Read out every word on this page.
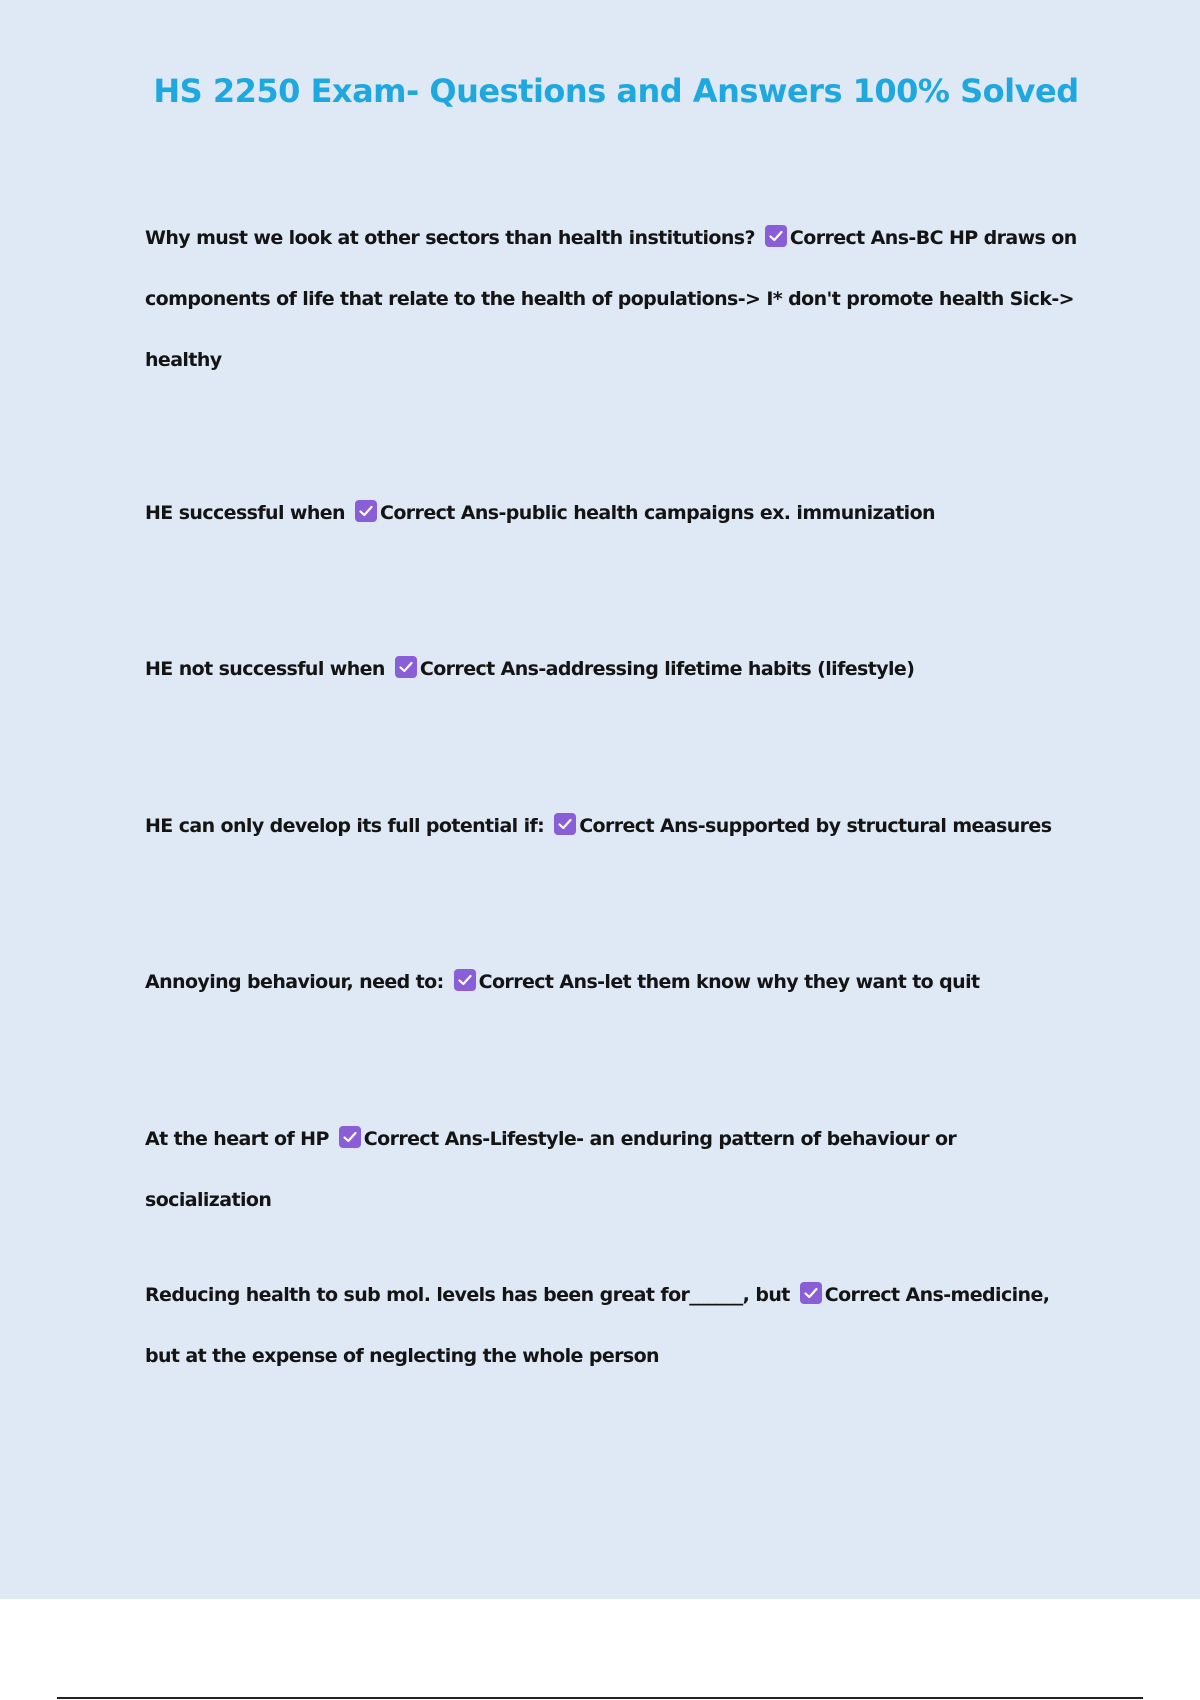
HS 2250 Exam- Questions and Answers 100% Solved

Why must we look at other sectors than health institutions? Correct Ans-BC HP draws on components of life that relate to the health of populations-> I* don't promote health Sick-> healthy

HE successful when Correct Ans-public health campaigns ex. immunization

HE not successful when Correct Ans-addressing lifetime habits (lifestyle)

HE can only develop its full potential if: Correct Ans-supported by structural measures

Annoying behaviour, need to: Correct Ans-let them know why they want to quit

At the heart of HP Correct Ans-Lifestyle- an enduring pattern of behaviour or socialization

Reducing health to sub mol. levels has been great for______, but Correct Ans-medicine, but at the expense of neglecting the whole person
